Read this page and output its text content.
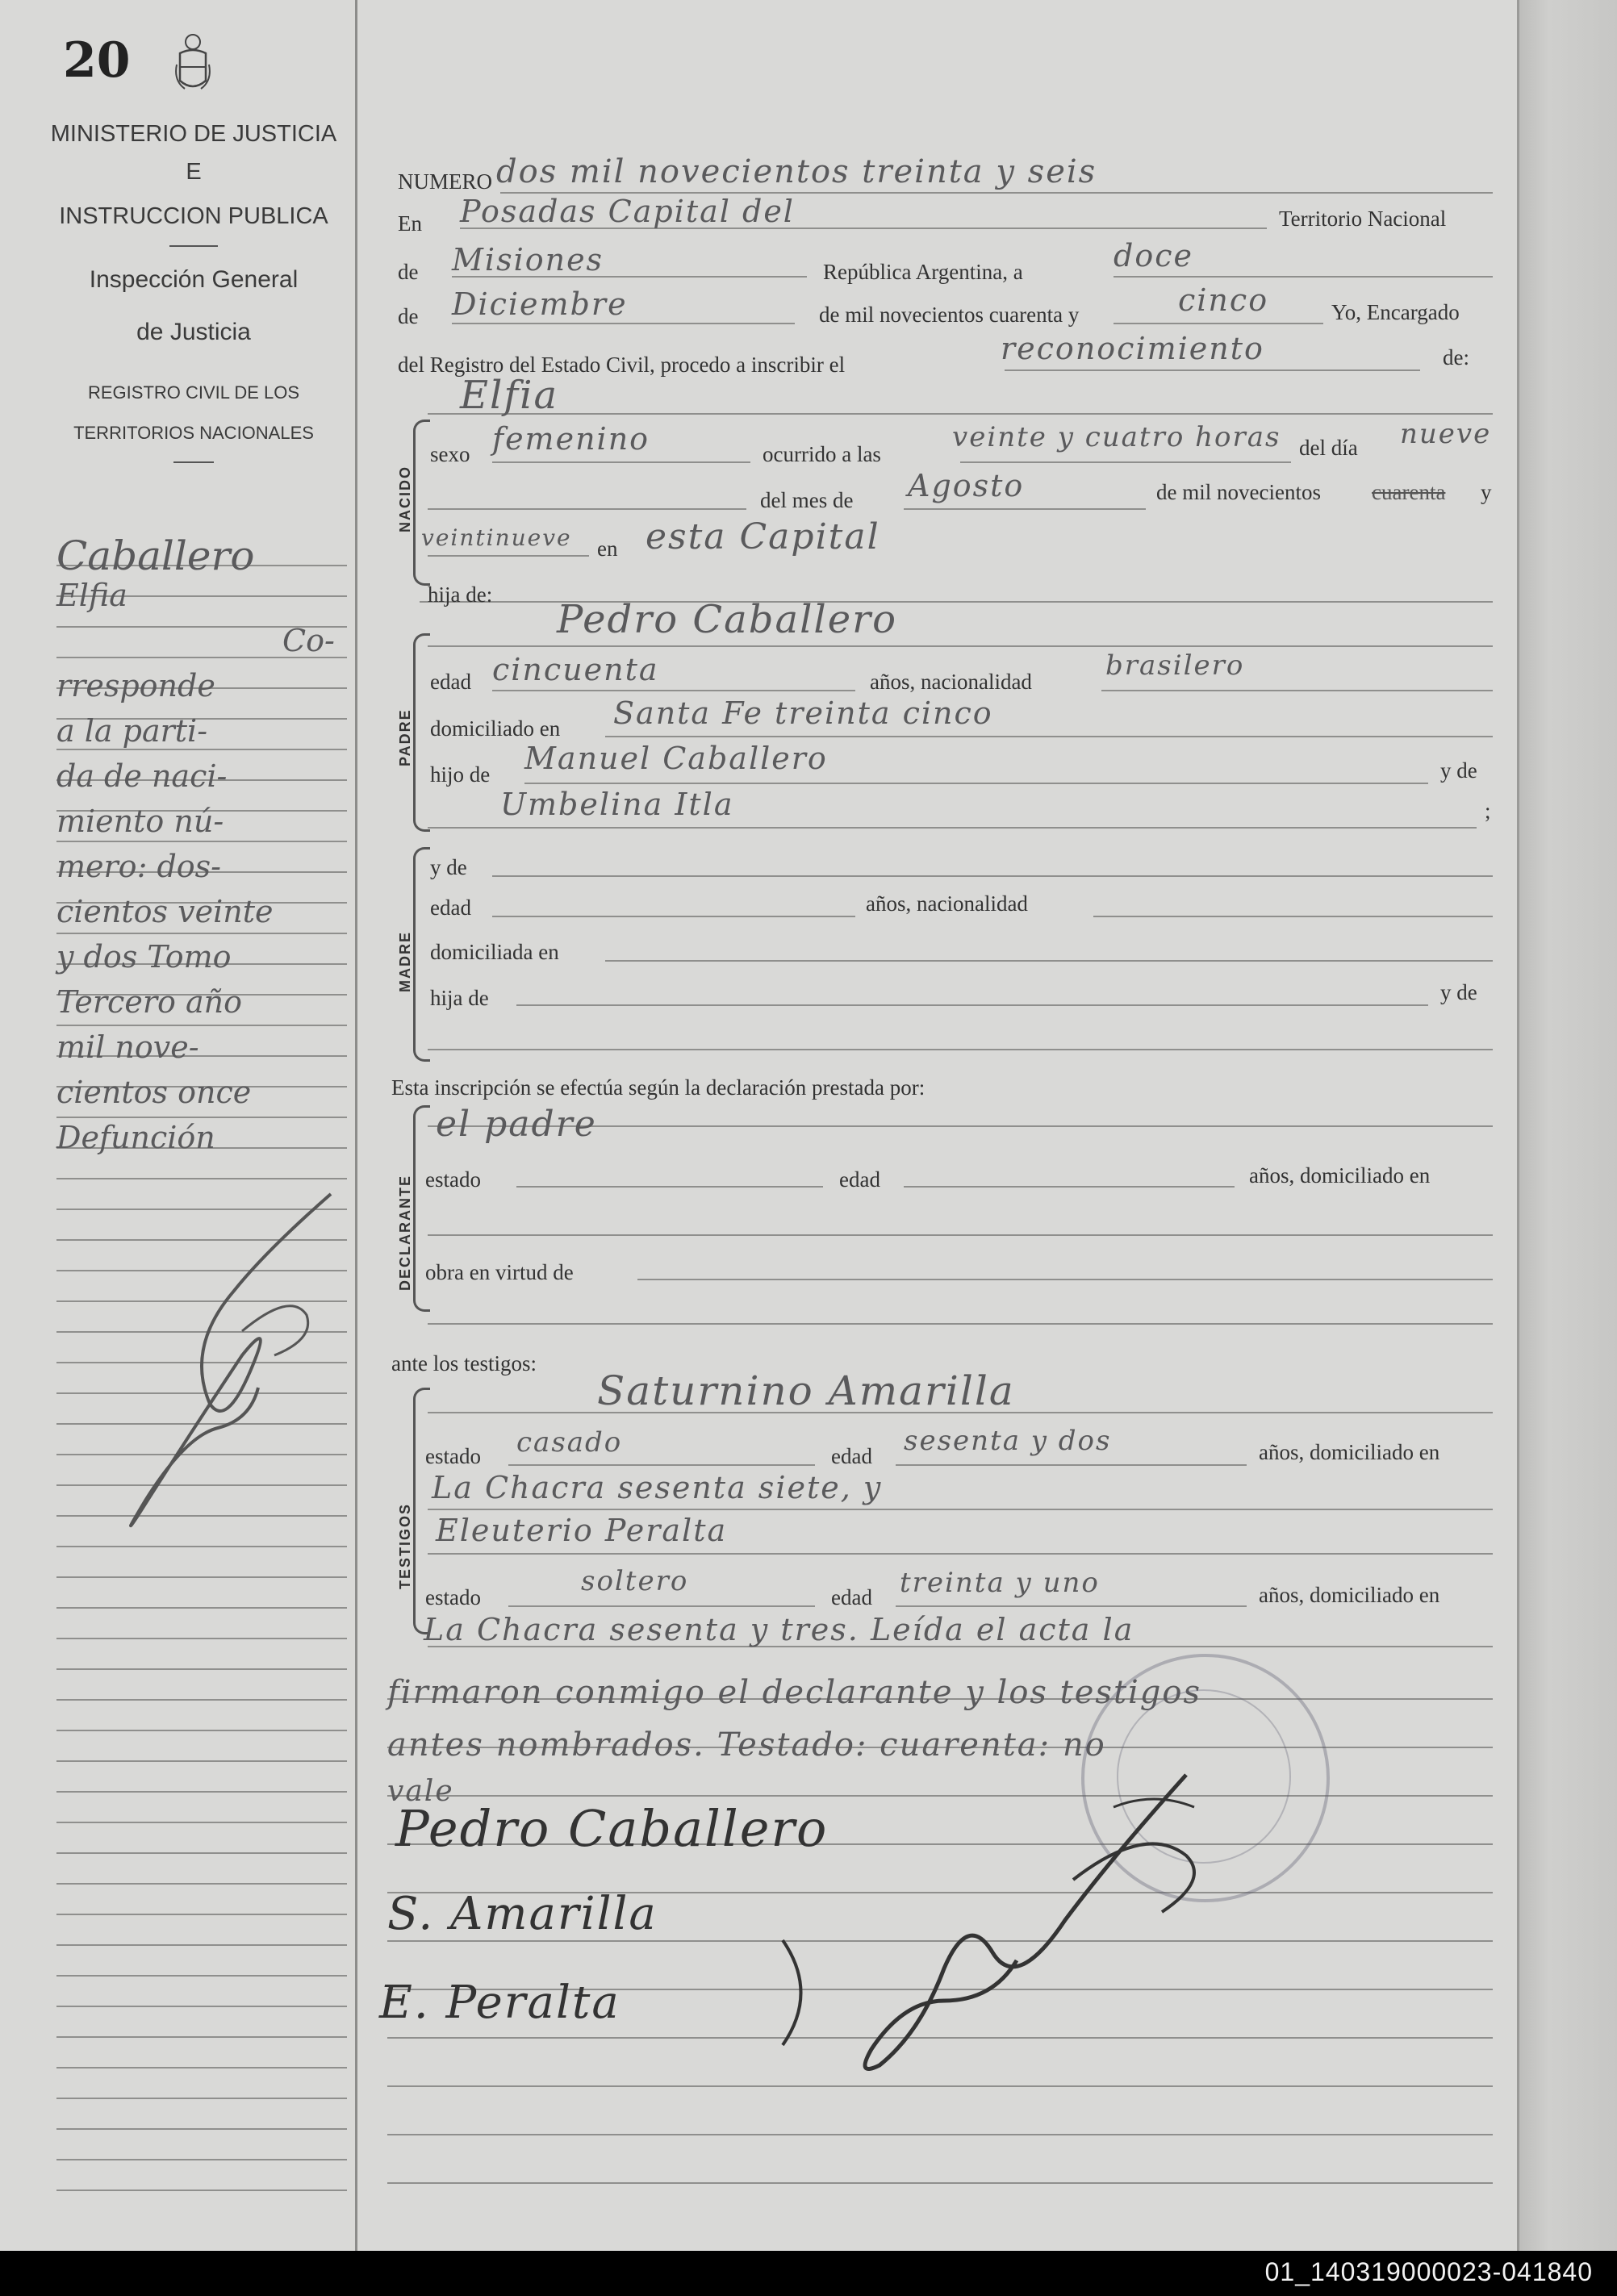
20
MINISTERIO DE JUSTICIA
E
INSTRUCCION PUBLICA
Inspección General
de Justicia
REGISTRO CIVIL DE LOS
TERRITORIOS NACIONALES
Caballero
Elfia
Co-
rresponde
a la parti-
da de naci-
miento nú-
mero: dos-
cientos veinte
y dos Tomo
Tercero año
mil nove-
cientos once
Defunción
NUMERO dos mil novecientos treinta y seis
En Posadas Capital del	Territorio Nacional
de Misiones	República Argentina, a	doce
de Diciembre	de mil novecientos cuarenta y	cinco	Yo, Encargado
del Registro del Estado Civil, procedo a inscribir el	reconocimiento	de:
Elfia
NACIDO
sexo femenino	ocurrido a las
veinte y cuatro horas del día nueve
del mes de Agosto	de mil novecientos cuarenta y
veintinueve en esta Capital
hija de:
Pedro Caballero
PADRE
edad cincuenta	años, nacionalidad	brasilero
domiciliado en Santa Fe treinta cinco
hijo de Manuel Caballero	y de
Umbelina Itla	;
MADRE
y de
edad	años, nacionalidad
domiciliada en
hija de	y de
Esta inscripción se efectúa según la declaración prestada por:
DECLARANTE
el padre
estado	edad	años, domiciliado en
obra en virtud de
ante los testigos:
TESTIGOS
Saturnino Amarilla
estado casado	edad sesenta y dos	años, domiciliado en
La Chacra sesenta siete, y
Eleuterio Peralta
estado	soltero	edad treinta y uno	años, domiciliado en
La Chacra sesenta y tres. Leída el acta la
firmaron conmigo el declarante y los testigos
antes nombrados. Testado: cuarenta: no
vale
Pedro Caballero
S. Amarilla
E. Peralta
01_140319000023-041840
